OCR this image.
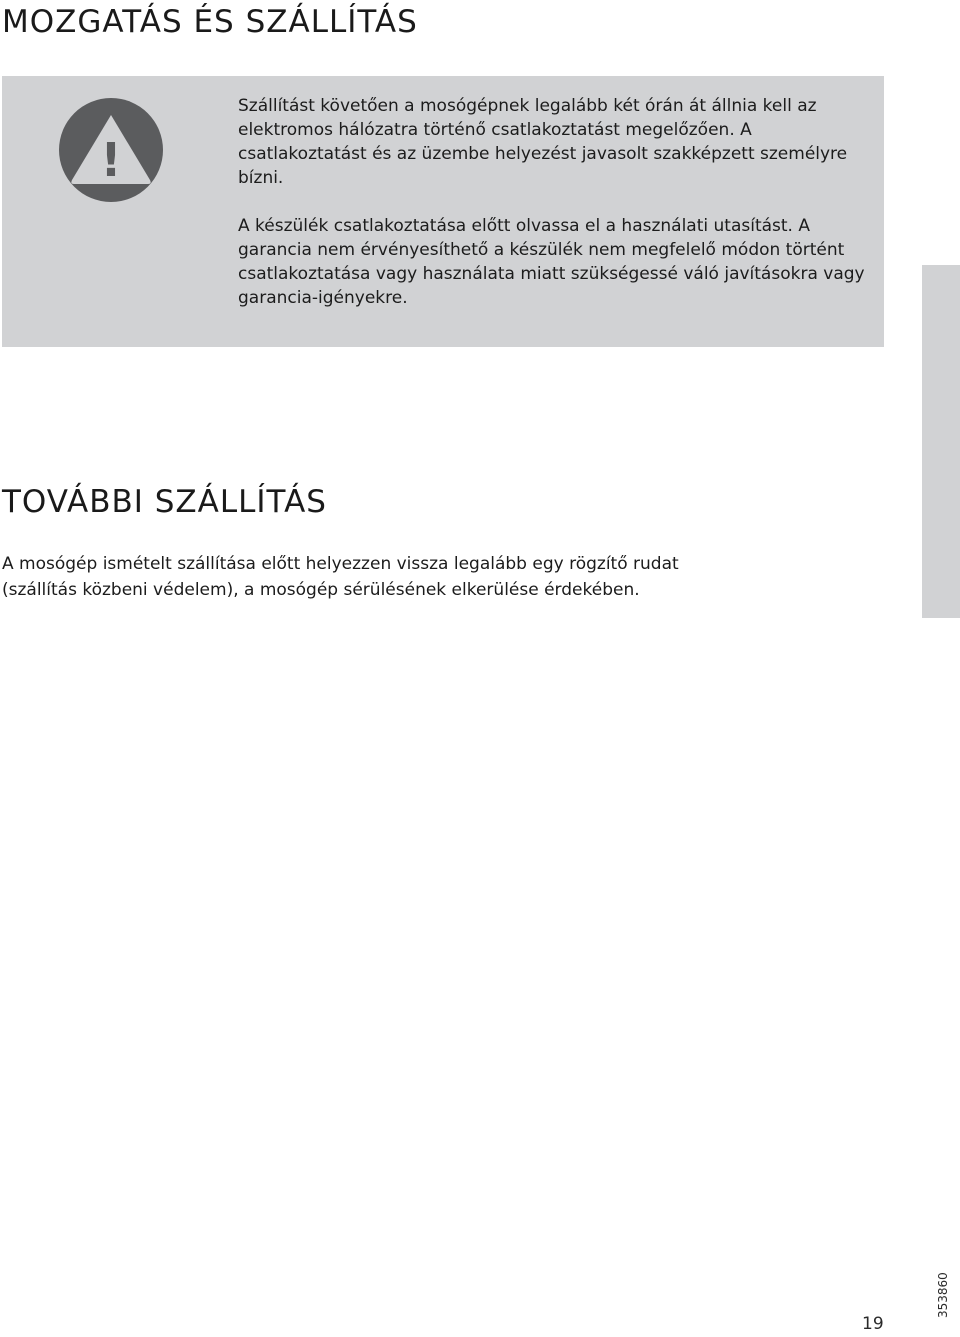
MOZGATÁS ÉS SZÁLLÍTÁS
!

Szállítást követően a mosógépnek legalább két órán át állnia kell az elektromos hálózatra történő csatlakoztatást megelőzően. A csatlakoztatást és az üzembe helyezést javasolt szakképzett személyre bízni.

A készülék csatlakoztatása előtt olvassa el a használati utasítást. A garancia nem érvényesíthető a készülék nem megfelelő módon történt csatlakoztatása vagy használata miatt szükségessé váló javításokra vagy garancia-igényekre.

TOVÁBBI SZÁLLÍTÁS

A mosógép ismételt szállítása előtt helyezzen vissza legalább egy rögzítő rudat (szállítás közbeni védelem), a mosógép sérülésének elkerülése érdekében.

19
353860
